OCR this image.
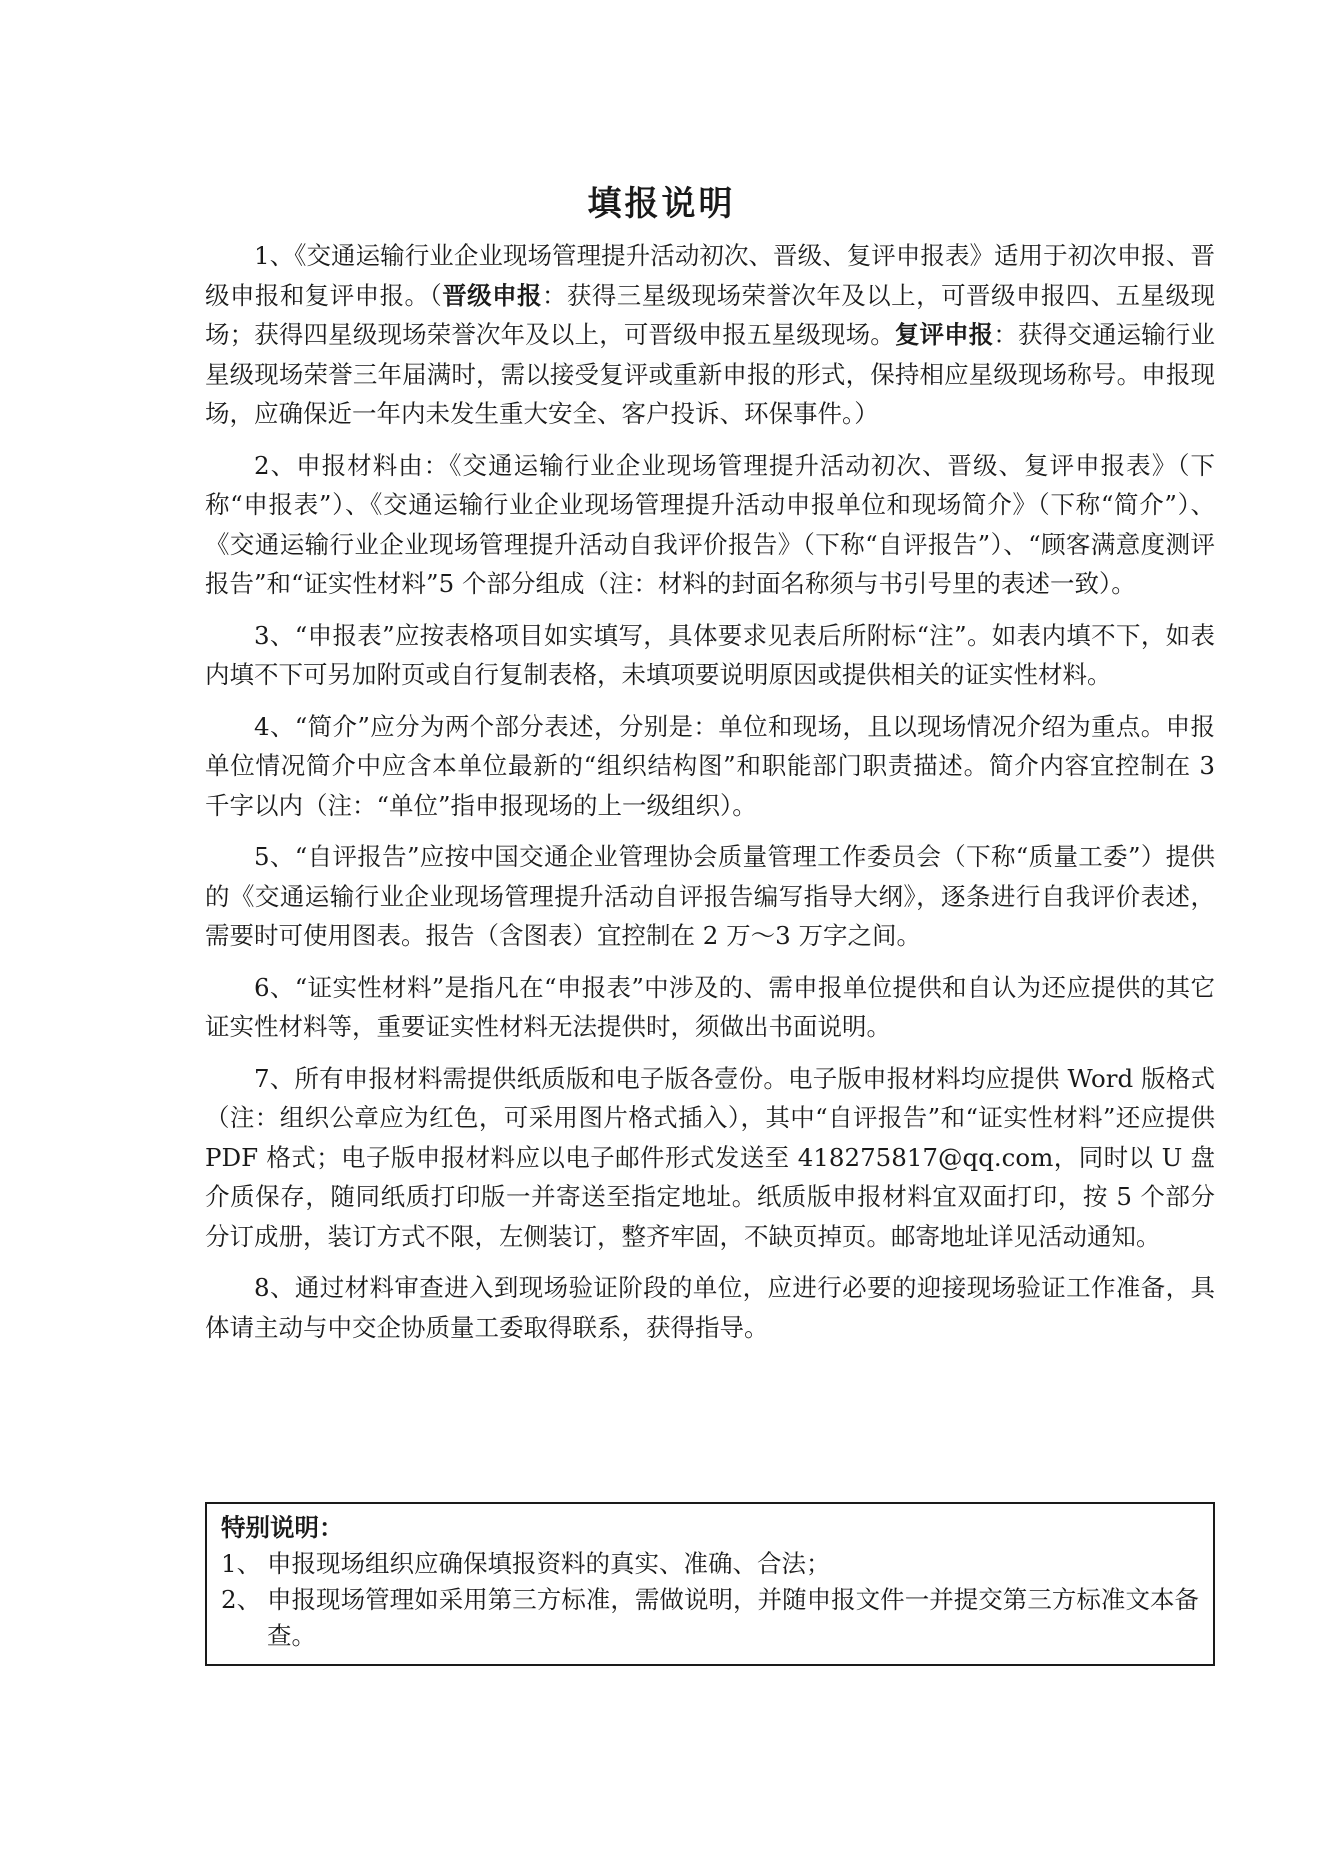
填报说明

1、《交通运输行业企业现场管理提升活动初次、晋级、复评申报表》适用于初次申报、晋级申报和复评申报。（晋级申报：获得三星级现场荣誉次年及以上，可晋级申报四、五星级现场；获得四星级现场荣誉次年及以上，可晋级申报五星级现场。复评申报：获得交通运输行业星级现场荣誉三年届满时，需以接受复评或重新申报的形式，保持相应星级现场称号。申报现场，应确保近一年内未发生重大安全、客户投诉、环保事件。）

2、申报材料由：《交通运输行业企业现场管理提升活动初次、晋级、复评申报表》（下称“申报表”）、《交通运输行业企业现场管理提升活动申报单位和现场简介》（下称“简介”）、《交通运输行业企业现场管理提升活动自我评价报告》（下称“自评报告”）、“顾客满意度测评报告”和“证实性材料”5 个部分组成（注：材料的封面名称须与书引号里的表述一致）。

3、“申报表”应按表格项目如实填写，具体要求见表后所附标“注”。如表内填不下，如表内填不下可另加附页或自行复制表格，未填项要说明原因或提供相关的证实性材料。

4、“简介”应分为两个部分表述，分别是：单位和现场，且以现场情况介绍为重点。申报单位情况简介中应含本单位最新的“组织结构图”和职能部门职责描述。简介内容宜控制在 3 千字以内（注：“单位”指申报现场的上一级组织）。

5、“自评报告”应按中国交通企业管理协会质量管理工作委员会（下称“质量工委”）提供的《交通运输行业企业现场管理提升活动自评报告编写指导大纲》，逐条进行自我评价表述，需要时可使用图表。报告（含图表）宜控制在 2 万～3 万字之间。

6、“证实性材料”是指凡在“申报表”中涉及的、需申报单位提供和自认为还应提供的其它证实性材料等，重要证实性材料无法提供时，须做出书面说明。

7、所有申报材料需提供纸质版和电子版各壹份。电子版申报材料均应提供 Word 版格式（注：组织公章应为红色，可采用图片格式插入），其中“自评报告”和“证实性材料”还应提供 PDF 格式；电子版申报材料应以电子邮件形式发送至 418275817@qq.com，同时以 U 盘介质保存，随同纸质打印版一并寄送至指定地址。纸质版申报材料宜双面打印，按 5 个部分分订成册，装订方式不限，左侧装订，整齐牢固，不缺页掉页。邮寄地址详见活动通知。

8、通过材料审查进入到现场验证阶段的单位，应进行必要的迎接现场验证工作准备，具体请主动与中交企协质量工委取得联系，获得指导。

特别说明：

1、 申报现场组织应确保填报资料的真实、准确、合法；
2、 申报现场管理如采用第三方标准，需做说明，并随申报文件一并提交第三方标准文本备查。
